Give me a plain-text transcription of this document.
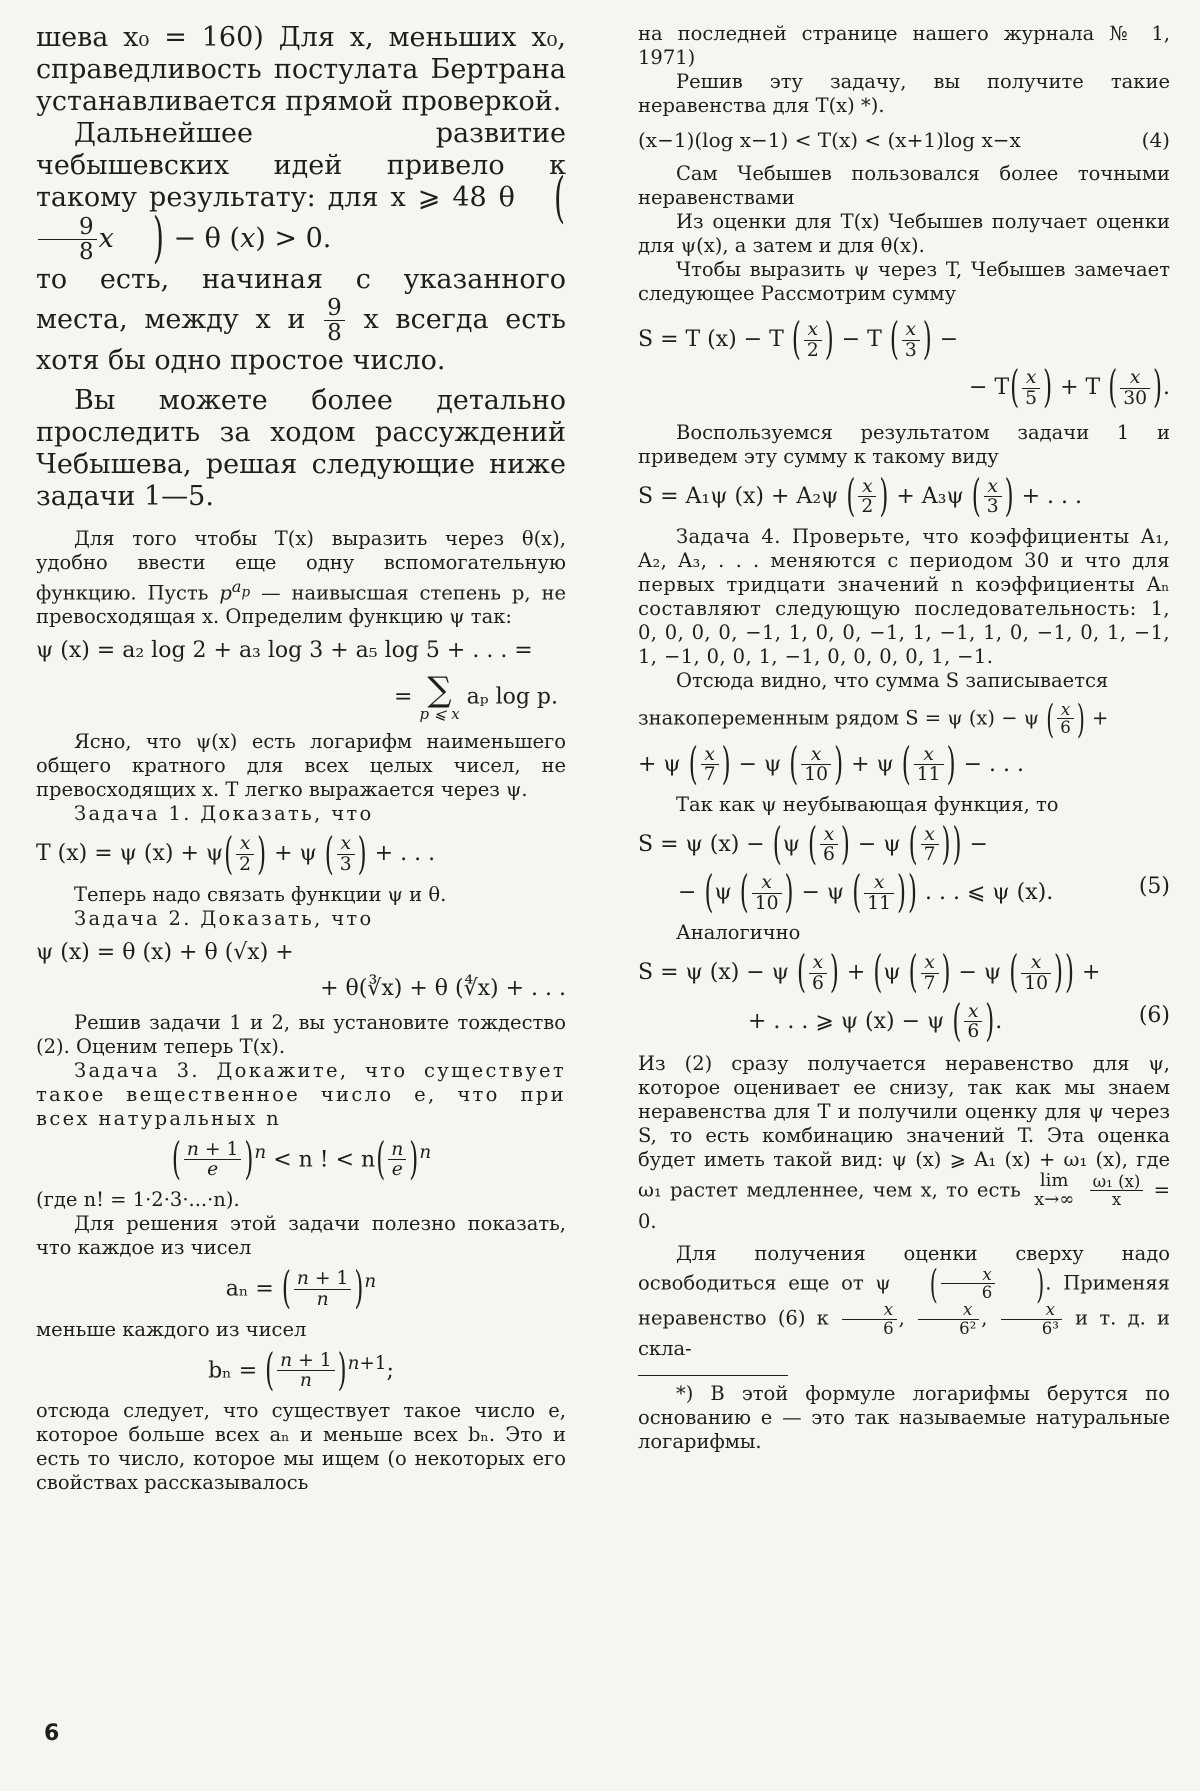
шева x₀ = 160) Для x, меньших x₀, справедливость постулата Бертрана устанавливается прямой проверкой.

Дальнейшее развитие чебышевских идей привело к такому результату: для x ⩾ 48 θ (
$\frac{9}{8}$ x ) − θ (x) > 0.

то есть, начиная с указанного места, между x и $\frac{9}{8}$ x всегда есть хотя бы одно простое число.

Вы можете более детально проследить за ходом рассуждений Чебышева, решая следующие ниже задачи 1—5.

Для того чтобы T(x) выразить через θ(x), удобно ввести еще одну вспомогательную функцию. Пусть $p^{a_p}$ — наивысшая степень p, не превосходящая x. Определим функцию ψ так:

ψ (x) = a₂ log 2 + a₃ log 3 + a₅ log 5 + . . . =
= ∑
p ⩽ x
aₚ log p.

Ясно, что ψ(x) есть логарифм наименьшего общего кратного для всех целых чисел, не превосходящих x. T легко выражается через ψ.

Задача 1. Доказать, что

T (x) = ψ $(x) + \psi( \frac{x}{2}$ ) + ψ ( $\frac{x}{3}$ ) + . . .

Теперь надо связать функции ψ и θ.

Задача 2. Доказать, что

ψ (x) = θ (x) + θ (√x) +
+ θ(∛x) + θ (∜x) + . . .

Решив задачи 1 и 2, вы установите тождество (2). Оценим теперь T(x).

Задача 3. Докажите, что существует такое вещественное число e, что при всех натуральных n

( $\frac{n + 1}{e} )^n < n$ ! < $n( \frac{n}{e} )^n$

(где n! = 1·2·3·...·n).

Для решения этой задачи полезно показать, что каждое из чисел

aₙ = ( $\frac{n + 1}{n} )^n$

меньше каждого из чисел

bₙ = ( $\frac{n + 1}{n} )^{n+1}$;

отсюда следует, что существует такое число e, которое больше всех aₙ и меньше всех bₙ. Это и есть то число, которое мы ищем (о некоторых его свойствах рассказывалось

на последней странице нашего журнала № 1, 1971)

Решив эту задачу, вы получите такие неравенства для T(x) *).

(x−1)(log x−1) < T(x) < (x+1)log x−x	(4)

Сам Чебышев пользовался более точными неравенствами

Из оценки для T(x) Чебышев получает оценки для ψ(x), а затем и для θ(x).

Чтобы выразить ψ через T, Чебышев замечает следующее Рассмотрим сумму

S = T (x) − T ( $\frac{x}{2}$ ) − T ( $\frac{x}{3}$ ) −
− $T( \frac{x}{5}$ ) + T ( $\frac{x}{30}$ ).

Воспользуемся результатом задачи 1 и приведем эту сумму к такому виду

S = A₁ψ (x) + A₂ψ ( $\frac{x}{2}$ ) + A₃ψ ( $\frac{x}{3}$ ) + . . .

Задача 4. Проверьте, что коэффициенты A₁, A₂, A₃, . . . меняются с периодом 30 и что для первых тридцати значений n коэффициенты Aₙ составляют следующую последовательность: 1, 0, 0, 0, 0, −1, 1, 0, 0, −1, 1, −1, 1, 0, −1, 0, 1, −1, 1, −1, 0, 0, 1, −1, 0, 0, 0, 0, 1, −1.

Отсюда видно, что сумма S записывается

знакопеременным рядом S = ψ (x) − ψ ( $\frac{x}{6}$ ) +
+ ψ ( $\frac{x}{7}$ ) − ψ ( $\frac{x}{10}$ ) + ψ ( $\frac{x}{11}$ ) − . . .

Так как ψ неубывающая функция, то

S = ψ (x) − (ψ ( $\frac{x}{6}$ ) − ψ ( $\frac{x}{7}$ )) −
− (ψ ( $\frac{x}{10}$ ) − ψ ( $\frac{x}{11}$ )) . . . ⩽ ψ (x).	(5)

Аналогично

S = ψ (x) − ψ ( $\frac{x}{6}$ ) + (ψ ( $\frac{x}{7}$ ) − ψ ( $\frac{x}{10}$ )) +
+ . . . ⩾ ψ (x) − ψ ( $\frac{x}{6}$ ).	(6)

Из (2) сразу получается неравенство для ψ, которое оценивает ее снизу, так как мы знаем неравенства для T и получили оценку для ψ через S, то есть комбинацию значений T. Эта оценка будет иметь такой вид: ψ (x) ⩾ A₁ (x) + ω₁ (x), где ω₁ растет медленнее, чем x, то есть	lim
x→∞
$\frac{\text{ω₁ (x)}}{x} = 0$.

Для получения оценки сверху надо освободиться еще от ψ ( $\frac{x}{6}$ ). Применяя неравенство (6) к $\frac{x}{6}$ , $\frac{x}{\text{6²}}$ , $\frac{x}{\text{6³}}$ и т. д. и скла-

*) В этой формуле логарифмы берутся по основанию e — это так называемые натуральные логарифмы.

6
